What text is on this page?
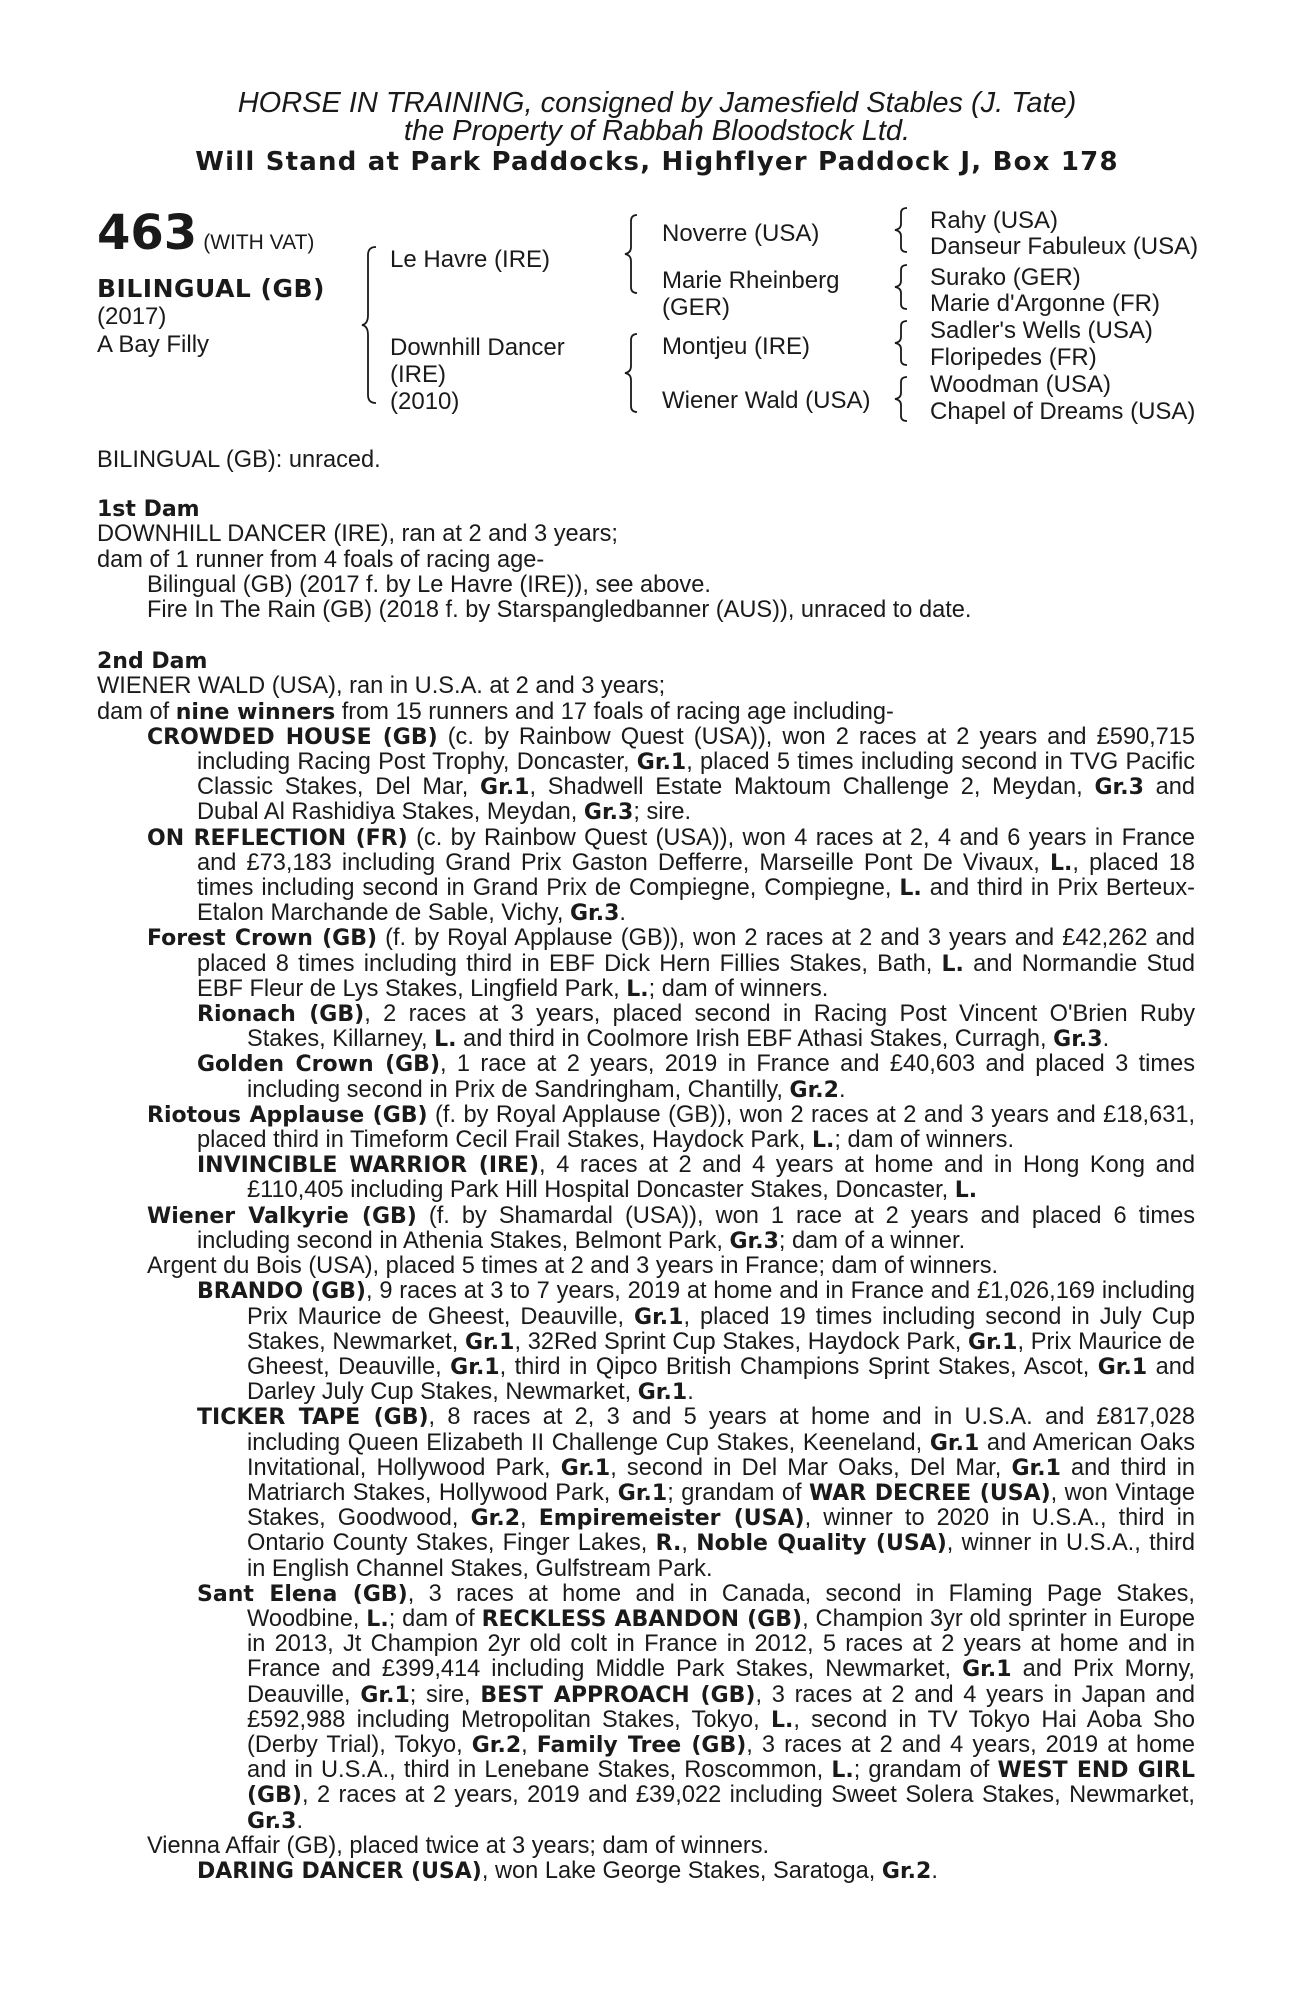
HORSE IN TRAINING, consigned by Jamesfield Stables (J. Tate)
the Property of Rabbah Bloodstock Ltd.
Will Stand at Park Paddocks, Highflyer Paddock J, Box 178
463 (WITH VAT)
BILINGUAL (GB)
(2017)
A Bay Filly
Le Havre (IRE)
Downhill Dancer
(IRE)
(2010)
Noverre (USA)
Marie Rheinberg
(GER)
Montjeu (IRE)
Wiener Wald (USA)
Rahy (USA)
Danseur Fabuleux (USA)
Surako (GER)
Marie d'Argonne (FR)
Sadler's Wells (USA)
Floripedes (FR)
Woodman (USA)
Chapel of Dreams (USA)

BILINGUAL (GB): unraced.

1st Dam

DOWNHILL DANCER (IRE), ran at 2 and 3 years;

dam of 1 runner from 4 foals of racing age-

Bilingual (GB) (2017 f. by Le Havre (IRE)), see above.

Fire In The Rain (GB) (2018 f. by Starspangledbanner (AUS)), unraced to date.

2nd Dam

WIENER WALD (USA), ran in U.S.A. at 2 and 3 years;

dam of nine winners from 15 runners and 17 foals of racing age including-

CROWDED HOUSE (GB) (c. by Rainbow Quest (USA)), won 2 races at 2 years and £590,715 including Racing Post Trophy, Doncaster, Gr.1, placed 5 times including second in TVG Pacific Classic Stakes, Del Mar, Gr.1, Shadwell Estate Maktoum Challenge 2, Meydan, Gr.3 and Dubal Al Rashidiya Stakes, Meydan, Gr.3; sire.

ON REFLECTION (FR) (c. by Rainbow Quest (USA)), won 4 races at 2, 4 and 6 years in France and £73,183 including Grand Prix Gaston Defferre, Marseille Pont De Vivaux, L., placed 18 times including second in Grand Prix de Compiegne, Compiegne, L. and third in Prix Berteux-Etalon Marchande de Sable, Vichy, Gr.3.

Forest Crown (GB) (f. by Royal Applause (GB)), won 2 races at 2 and 3 years and £42,262 and placed 8 times including third in EBF Dick Hern Fillies Stakes, Bath, L. and Normandie Stud EBF Fleur de Lys Stakes, Lingfield Park, L.; dam of winners.

Rionach (GB), 2 races at 3 years, placed second in Racing Post Vincent O'Brien Ruby Stakes, Killarney, L. and third in Coolmore Irish EBF Athasi Stakes, Curragh, Gr.3.

Golden Crown (GB), 1 race at 2 years, 2019 in France and £40,603 and placed 3 times including second in Prix de Sandringham, Chantilly, Gr.2.

Riotous Applause (GB) (f. by Royal Applause (GB)), won 2 races at 2 and 3 years and £18,631, placed third in Timeform Cecil Frail Stakes, Haydock Park, L.; dam of winners.

INVINCIBLE WARRIOR (IRE), 4 races at 2 and 4 years at home and in Hong Kong and £110,405 including Park Hill Hospital Doncaster Stakes, Doncaster, L.

Wiener Valkyrie (GB) (f. by Shamardal (USA)), won 1 race at 2 years and placed 6 times including second in Athenia Stakes, Belmont Park, Gr.3; dam of a winner.

Argent du Bois (USA), placed 5 times at 2 and 3 years in France; dam of winners.

BRANDO (GB), 9 races at 3 to 7 years, 2019 at home and in France and £1,026,169 including Prix Maurice de Gheest, Deauville, Gr.1, placed 19 times including second in July Cup Stakes, Newmarket, Gr.1, 32Red Sprint Cup Stakes, Haydock Park, Gr.1, Prix Maurice de Gheest, Deauville, Gr.1, third in Qipco British Champions Sprint Stakes, Ascot, Gr.1 and Darley July Cup Stakes, Newmarket, Gr.1.

TICKER TAPE (GB), 8 races at 2, 3 and 5 years at home and in U.S.A. and £817,028 including Queen Elizabeth II Challenge Cup Stakes, Keeneland, Gr.1 and American Oaks Invitational, Hollywood Park, Gr.1, second in Del Mar Oaks, Del Mar, Gr.1 and third in Matriarch Stakes, Hollywood Park, Gr.1; grandam of WAR DECREE (USA), won Vintage Stakes, Goodwood, Gr.2, Empiremeister (USA), winner to 2020 in U.S.A., third in Ontario County Stakes, Finger Lakes, R., Noble Quality (USA), winner in U.S.A., third in English Channel Stakes, Gulfstream Park.

Sant Elena (GB), 3 races at home and in Canada, second in Flaming Page Stakes, Woodbine, L.; dam of RECKLESS ABANDON (GB), Champion 3yr old sprinter in Europe in 2013, Jt Champion 2yr old colt in France in 2012, 5 races at 2 years at home and in France and £399,414 including Middle Park Stakes, Newmarket, Gr.1 and Prix Morny, Deauville, Gr.1; sire, BEST APPROACH (GB), 3 races at 2 and 4 years in Japan and £592,988 including Metropolitan Stakes, Tokyo, L., second in TV Tokyo Hai Aoba Sho (Derby Trial), Tokyo, Gr.2, Family Tree (GB), 3 races at 2 and 4 years, 2019 at home and in U.S.A., third in Lenebane Stakes, Roscommon, L.; grandam of WEST END GIRL (GB), 2 races at 2 years, 2019 and £39,022 including Sweet Solera Stakes, Newmarket, Gr.3.

Vienna Affair (GB), placed twice at 3 years; dam of winners.

DARING DANCER (USA), won Lake George Stakes, Saratoga, Gr.2.
